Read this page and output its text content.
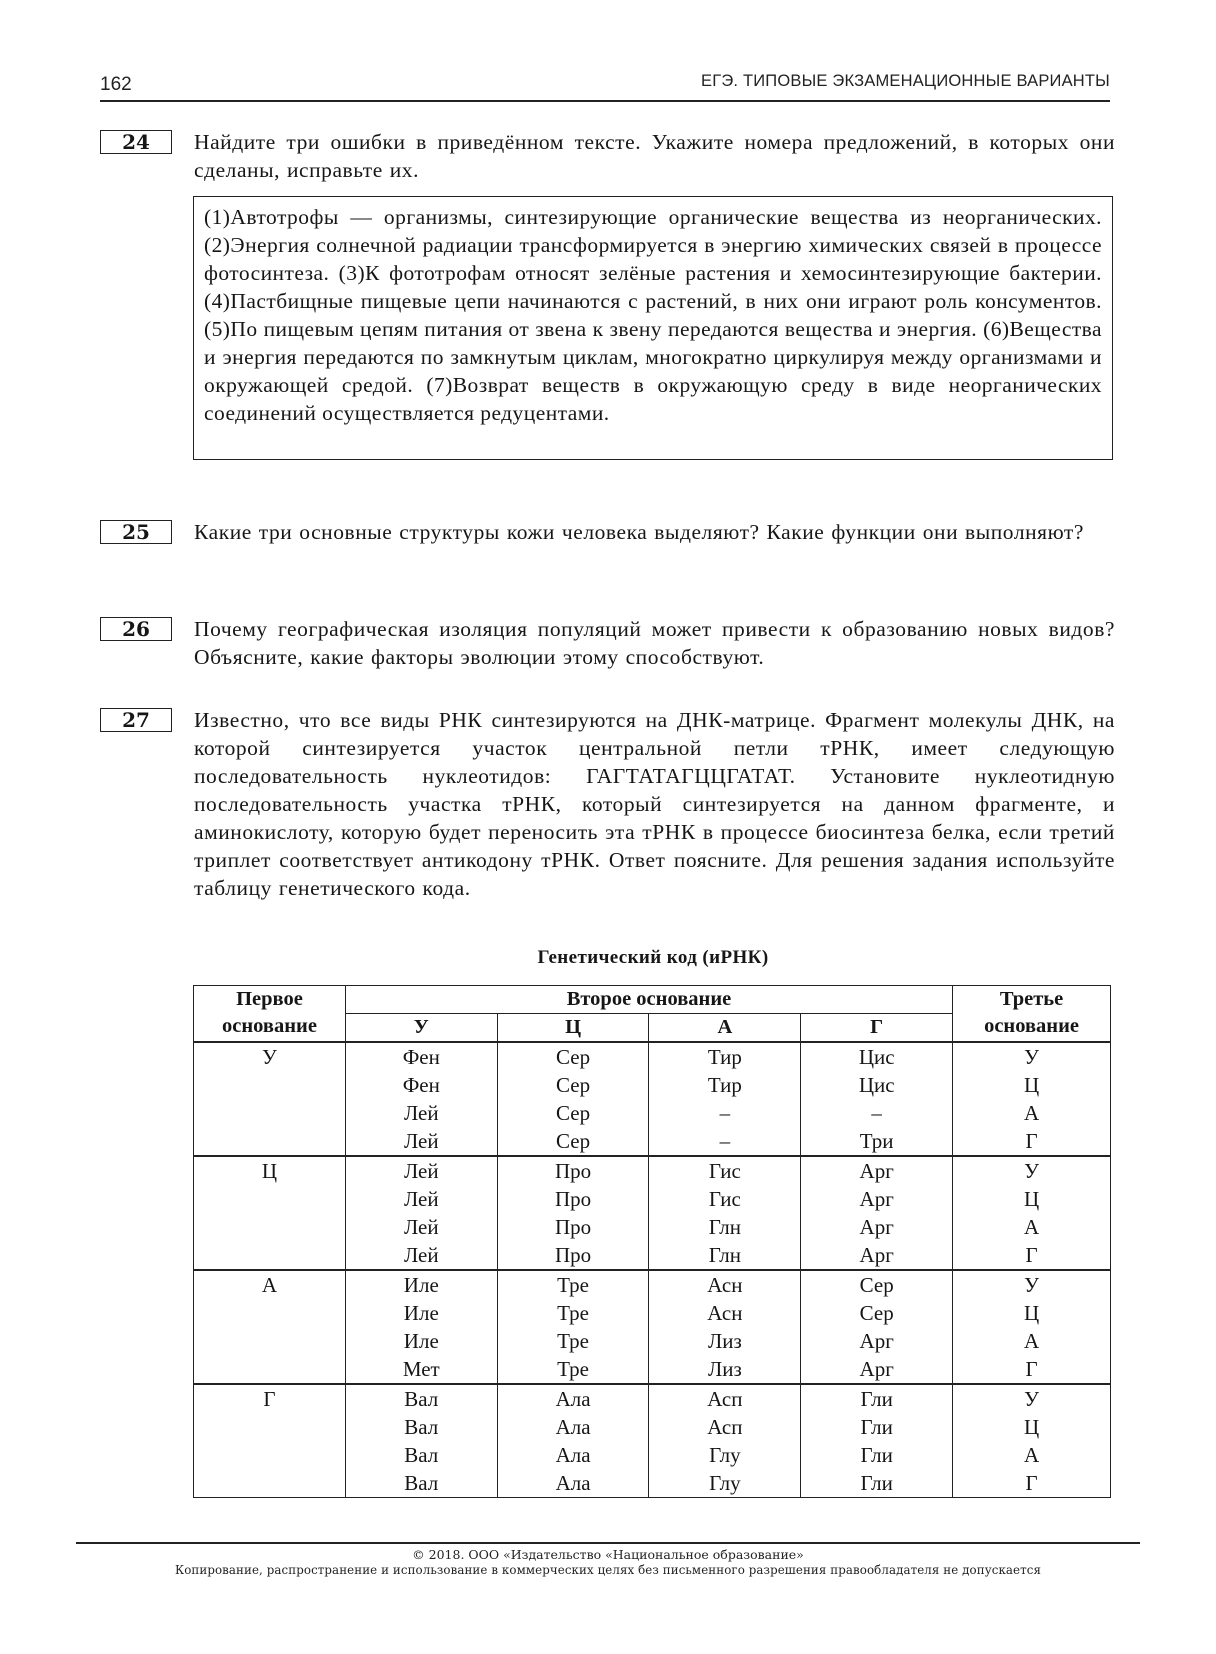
162	ЕГЭ. ТИПОВЫЕ ЭКЗАМЕНАЦИОННЫЕ ВАРИАНТЫ
24	Найдите три ошибки в приведённом тексте. Укажите номера предложений, в которых они сделаны, исправьте их.

(1)Автотрофы — организмы, синтезирующие органические вещества из неорганических. (2)Энергия солнечной радиации трансформируется в энергию химических связей в процессе фотосинтеза. (3)К фототрофам относят зелёные растения и хемосинтезирующие бактерии. (4)Пастбищные пищевые цепи начинаются с растений, в них они играют роль консументов. (5)По пищевым цепям питания от звена к звену передаются вещества и энергия. (6)Вещества и энергия передаются по замкнутым циклам, многократно циркулируя между организмами и окружающей средой. (7)Возврат веществ в окружающую среду в виде неорганических соединений осуществляется редуцентами.

25	Какие три основные структуры кожи человека выделяют? Какие функции они выполняют?
26	Почему географическая изоляция популяций может привести к образованию новых видов? Объясните, какие факторы эволюции этому способствуют.
27	Известно, что все виды РНК синтезируются на ДНК-матрице. Фрагмент молекулы ДНК, на которой синтезируется участок центральной петли тРНК, имеет следующую последовательность нуклеотидов: ГАГТАТАГЦЦГАТАТ. Установите нуклеотидную последовательность участка тРНК, который синтезируется на данном фрагменте, и аминокислоту, которую будет переносить эта тРНК в процессе биосинтеза белка, если третий триплет соответствует антикодону тРНК. Ответ поясните. Для решения задания используйте таблицу генетического кода.
Генетический код (иРНК)
Первое основание	Второе основание				Третье основание
	У	Ц	А	Г	
У	Фен	Сер	Тир	Цис	У
	Фен	Сер	Тир	Цис	Ц
	Лей	Сер	–	–	А
	Лей	Сер	–	Три	Г
Ц	Лей	Про	Гис	Арг	У
	Лей	Про	Гис	Арг	Ц
	Лей	Про	Глн	Арг	А
	Лей	Про	Глн	Арг	Г
А	Иле	Тре	Асн	Сер	У
	Иле	Тре	Асн	Сер	Ц
	Иле	Тре	Лиз	Арг	А
	Мет	Тре	Лиз	Арг	Г
Г	Вал	Ала	Асп	Гли	У
	Вал	Ала	Асп	Гли	Ц
	Вал	Ала	Глу	Гли	А
	Вал	Ала	Глу	Гли	Г
© 2018. ООО «Издательство «Национальное образование»
Копирование, распространение и использование в коммерческих целях без письменного разрешения правообладателя не допускается
